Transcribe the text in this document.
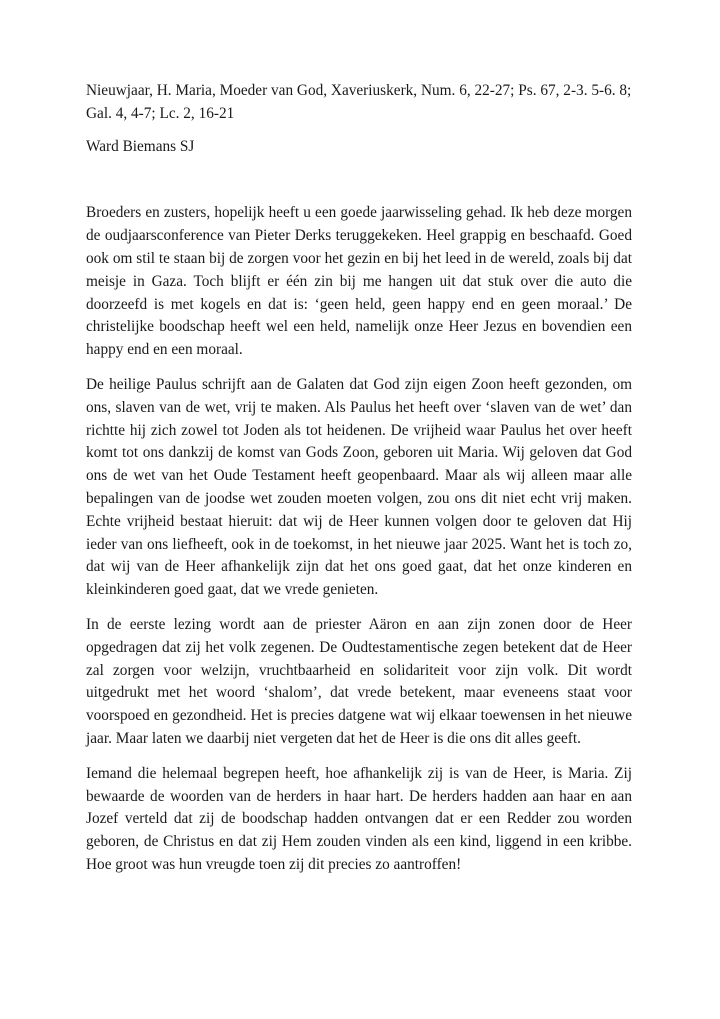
Nieuwjaar, H. Maria, Moeder van God, Xaveriuskerk, Num. 6, 22-27; Ps. 67, 2-3. 5-6. 8; Gal. 4, 4-7; Lc. 2, 16-21

Ward Biemans SJ

Broeders en zusters, hopelijk heeft u een goede jaarwisseling gehad. Ik heb deze morgen de oudjaarsconference van Pieter Derks teruggekeken. Heel grappig en beschaafd. Goed ook om stil te staan bij de zorgen voor het gezin en bij het leed in de wereld, zoals bij dat meisje in Gaza. Toch blijft er één zin bij me hangen uit dat stuk over die auto die doorzeefd is met kogels en dat is: ‘geen held, geen happy end en geen moraal.’ De christelijke boodschap heeft wel een held, namelijk onze Heer Jezus en bovendien een happy end en een moraal.

De heilige Paulus schrijft aan de Galaten dat God zijn eigen Zoon heeft gezonden, om ons, slaven van de wet, vrij te maken. Als Paulus het heeft over ‘slaven van de wet’ dan richtte hij zich zowel tot Joden als tot heidenen. De vrijheid waar Paulus het over heeft komt tot ons dankzij de komst van Gods Zoon, geboren uit Maria. Wij geloven dat God ons de wet van het Oude Testament heeft geopenbaard. Maar als wij alleen maar alle bepalingen van de joodse wet zouden moeten volgen, zou ons dit niet echt vrij maken. Echte vrijheid bestaat hieruit: dat wij de Heer kunnen volgen door te geloven dat Hij ieder van ons liefheeft, ook in de toekomst, in het nieuwe jaar 2025. Want het is toch zo, dat wij van de Heer afhankelijk zijn dat het ons goed gaat, dat het onze kinderen en kleinkinderen goed gaat, dat we vrede genieten.

In de eerste lezing wordt aan de priester Aäron en aan zijn zonen door de Heer opgedragen dat zij het volk zegenen. De Oudtestamentische zegen betekent dat de Heer zal zorgen voor welzijn, vruchtbaarheid en solidariteit voor zijn volk. Dit wordt uitgedrukt met het woord ‘shalom’, dat vrede betekent, maar eveneens staat voor voorspoed en gezondheid. Het is precies datgene wat wij elkaar toewensen in het nieuwe jaar. Maar laten we daarbij niet vergeten dat het de Heer is die ons dit alles geeft.

Iemand die helemaal begrepen heeft, hoe afhankelijk zij is van de Heer, is Maria. Zij bewaarde de woorden van de herders in haar hart. De herders hadden aan haar en aan Jozef verteld dat zij de boodschap hadden ontvangen dat er een Redder zou worden geboren, de Christus en dat zij Hem zouden vinden als een kind, liggend in een kribbe. Hoe groot was hun vreugde toen zij dit precies zo aantroffen!
